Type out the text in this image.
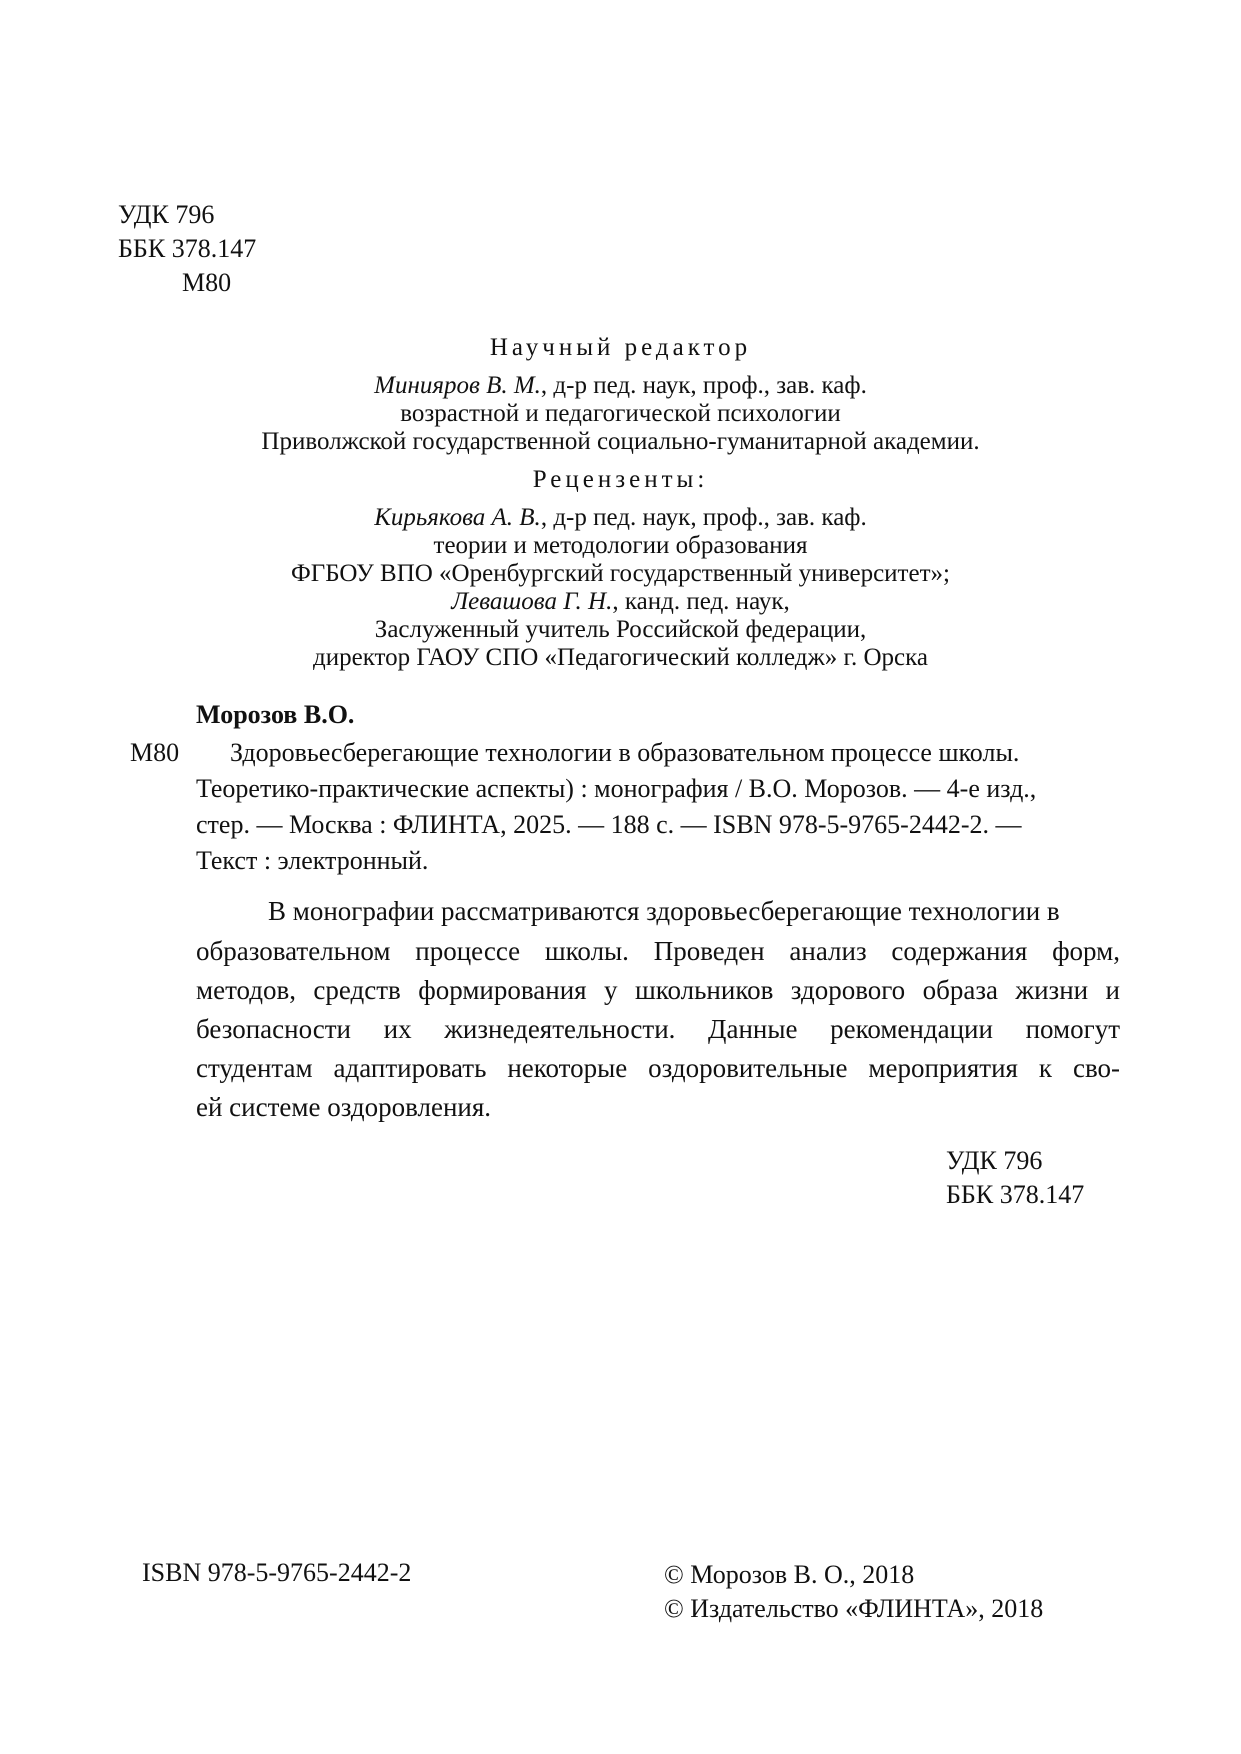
УДК 796
ББК 378.147
М80
Научный редактор
Минияров В. М., д-р пед. наук, проф., зав. каф.
возрастной и педагогической психологии
Приволжской государственной социально-гуманитарной академии.
Рецензенты:
Кирьякова А. В., д-р пед. наук, проф., зав. каф.
теории и методологии образования
ФГБОУ ВПО «Оренбургский государственный университет»;
Левашова Г. Н., канд. пед. наук,
Заслуженный учитель Российской федерации,
директор ГАОУ СПО «Педагогический колледж» г. Орска
Морозов В.О.
М80 Здоровьесберегающие технологии в образовательном процессе школы.
Теоретико-практические аспекты) : монография / В.О. Морозов. — 4-е изд.,
стер. — Москва : ФЛИНТА, 2025. — 188 с. — ISBN 978-5-9765-2442-2. —
Текст : электронный.
В монографии рассматриваются здоровьесберегающие технологии в
образовательном процессе школы. Проведен анализ содержания форм,
методов, средств формирования у школьников здорового образа жизни и
безопасности их жизнедеятельности. Данные рекомендации помогут
студентам адаптировать некоторые оздоровительные мероприятия к сво-
ей системе оздоровления.
УДК 796
ББК 378.147
ISBN 978-5-9765-2442-2	© Морозов В. О., 2018
© Издательство «ФЛИНТА», 2018
